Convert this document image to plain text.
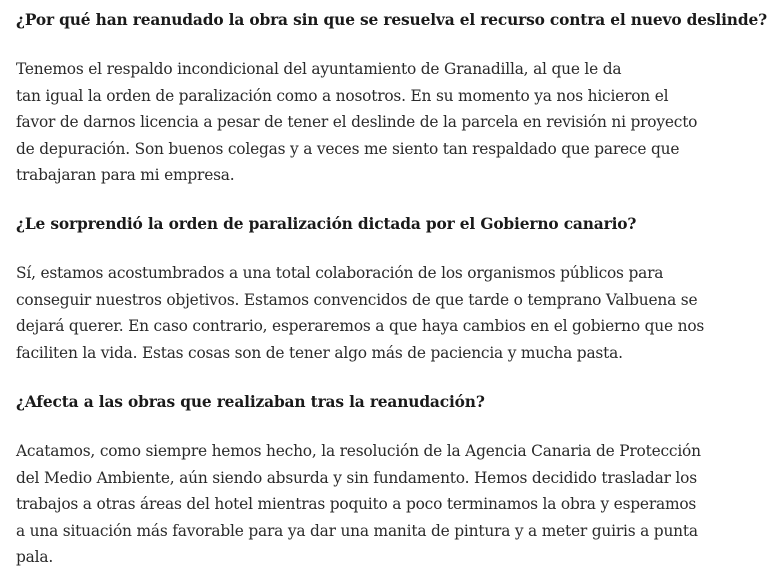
¿Por qué han reanudado la obra sin que se resuelva el recurso contra el nuevo deslinde?
Tenemos el respaldo incondicional del ayuntamiento de Granadilla, al que le da
tan igual la orden de paralización como a nosotros. En su momento ya nos hicieron el
favor de darnos licencia a pesar de tener el deslinde de la parcela en revisión ni proyecto
de depuración. Son buenos colegas y a veces me siento tan respaldado que parece que
trabajaran para mi empresa.
¿Le sorprendió la orden de paralización dictada por el Gobierno canario?
Sí, estamos acostumbrados a una total colaboración de los organismos públicos para
conseguir nuestros objetivos. Estamos convencidos de que tarde o temprano Valbuena se
dejará querer. En caso contrario, esperaremos a que haya cambios en el gobierno que nos
faciliten la vida. Estas cosas son de tener algo más de paciencia y mucha pasta.
¿Afecta a las obras que realizaban tras la reanudación?
Acatamos, como siempre hemos hecho, la resolución de la Agencia Canaria de Protección
del Medio Ambiente, aún siendo absurda y sin fundamento. Hemos decidido trasladar los
trabajos a otras áreas del hotel mientras poquito a poco terminamos la obra y esperamos
a una situación más favorable para ya dar una manita de pintura y a meter guiris a punta
pala.
